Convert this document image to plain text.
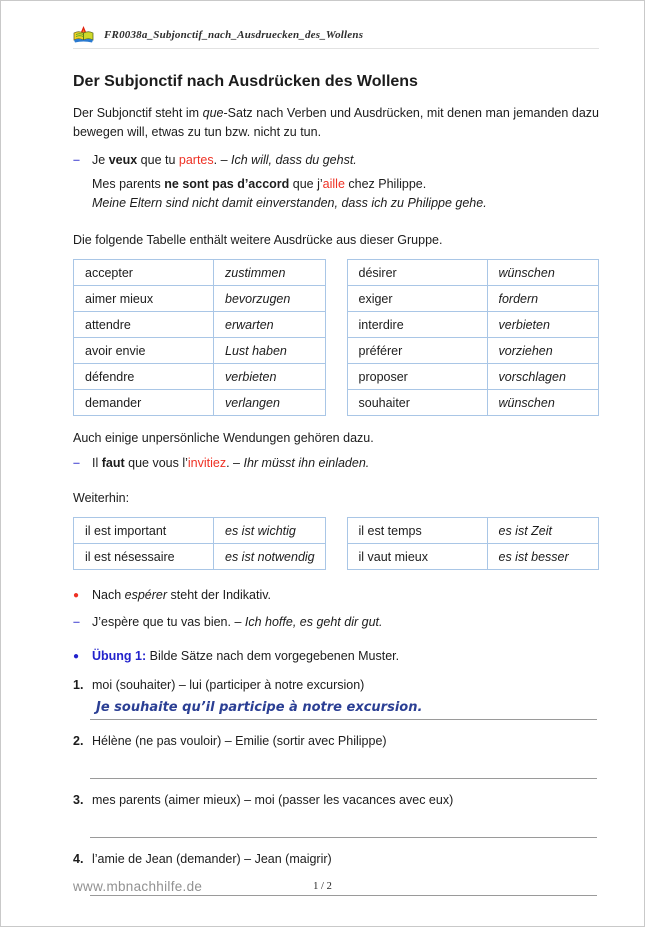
FR0038a_Subjonctif_nach_Ausdruecken_des_Wollens
Der Subjonctif nach Ausdrücken des Wollens
Der Subjonctif steht im que-Satz nach Verben und Ausdrücken, mit denen man jemanden dazu bewegen will, etwas zu tun bzw. nicht zu tun.
– Je veux que tu partes. – Ich will, dass du gehst.
Mes parents ne sont pas d’accord que j’aille chez Philippe.
Meine Eltern sind nicht damit einverstanden, dass ich zu Philippe gehe.
Die folgende Tabelle enthält weitere Ausdrücke aus dieser Gruppe.
accepter	zustimmen
aimer mieux	bevorzugen
attendre	erwarten
avoir envie	Lust haben
défendre	verbieten
demander	verlangen
désirer	wünschen
exiger	fordern
interdire	verbieten
préférer	vorziehen
proposer	vorschlagen
souhaiter	wünschen
Auch einige unpersönliche Wendungen gehören dazu.
– Il faut que vous l’invitiez. – Ihr müsst ihn einladen.
Weiterhin:
il est important	es ist wichtig
il est nésessaire	es ist notwendig
il est temps	es ist Zeit
il vaut mieux	es ist besser
●	Nach espérer steht der Indikativ.
– J’espère que tu vas bien. – Ich hoffe, es geht dir gut.
●	Übung 1: Bilde Sätze nach dem vorgegebenen Muster.
1. moi (souhaiter) – lui (participer à notre excursion)
Je souhaite qu’il participe à notre excursion.
2. Hélène (ne pas vouloir) – Emilie (sortir avec Philippe)
3. mes parents (aimer mieux) – moi (passer les vacances avec eux)
4. l’amie de Jean (demander) – Jean (maigrir)
www.mbnachhilfe.de	1 / 2
